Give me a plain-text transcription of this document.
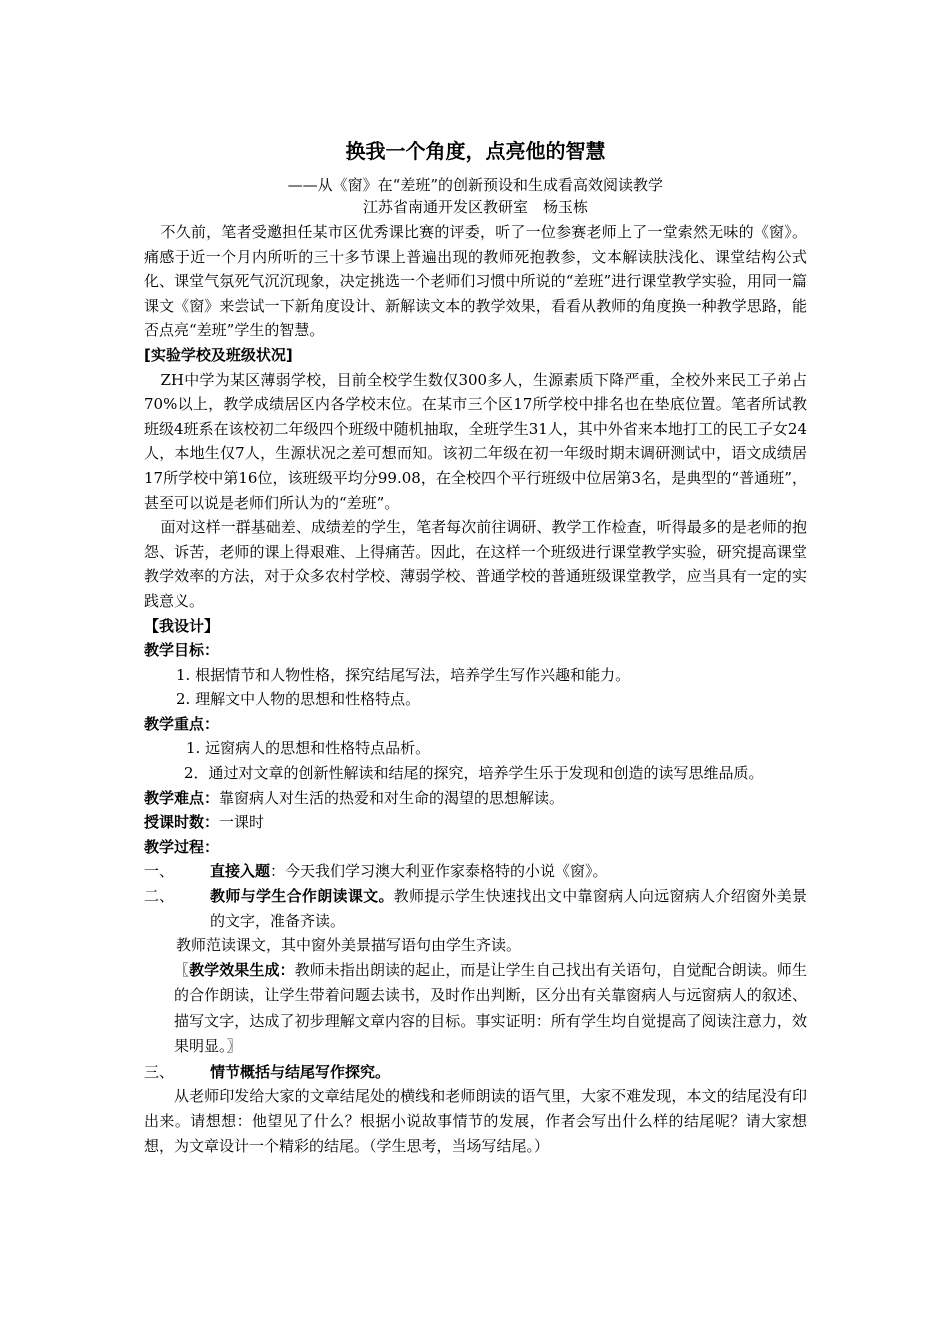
换我一个角度，点亮他的智慧
——从《窗》在“差班”的创新预设和生成看高效阅读教学
江苏省南通开发区教研室　杨玉栋

不久前，笔者受邀担任某市区优秀课比赛的评委，听了一位参赛老师上了一堂索然无味的《窗》。痛感于近一个月内所听的三十多节课上普遍出现的教师死抱教参，文本解读肤浅化、课堂结构公式化、课堂气氛死气沉沉现象，决定挑选一个老师们习惯中所说的“差班”进行课堂教学实验，用同一篇课文《窗》来尝试一下新角度设计、新解读文本的教学效果，看看从教师的角度换一种教学思路，能否点亮“差班”学生的智慧。

[实验学校及班级状况]

ZH中学为某区薄弱学校，目前全校学生数仅300多人，生源素质下降严重，全校外来民工子弟占70%以上，教学成绩居区内各学校末位。在某市三个区17所学校中排名也在垫底位置。笔者所试教班级4班系在该校初二年级四个班级中随机抽取，全班学生31人，其中外省来本地打工的民工子女24人，本地生仅7人，生源状况之差可想而知。该初二年级在初一年级时期末调研测试中，语文成绩居17所学校中第16位，该班级平均分99.08，在全校四个平行班级中位居第3名，是典型的“普通班”，甚至可以说是老师们所认为的“差班”。

面对这样一群基础差、成绩差的学生，笔者每次前往调研、教学工作检查，听得最多的是老师的抱怨、诉苦，老师的课上得艰难、上得痛苦。因此，在这样一个班级进行课堂教学实验，研究提高课堂教学效率的方法，对于众多农村学校、薄弱学校、普通学校的普通班级课堂教学，应当具有一定的实践意义。

【我设计】

教学目标：

1. 根据情节和人物性格，探究结尾写法，培养学生写作兴趣和能力。

2. 理解文中人物的思想和性格特点。

教学重点：

1. 远窗病人的思想和性格特点品析。

2．通过对文章的创新性解读和结尾的探究，培养学生乐于发现和创造的读写思维品质。

教学难点：靠窗病人对生活的热爱和对生命的渴望的思想解读。

授课时数：一课时

教学过程：

一、	直接入题：今天我们学习澳大利亚作家泰格特的小说《窗》。
二、	教师与学生合作朗读课文。教师提示学生快速找出文中靠窗病人向远窗病人介绍窗外美景的文字，准备齐读。

教师范读课文，其中窗外美景描写语句由学生齐读。

〖教学效果生成：教师未指出朗读的起止，而是让学生自己找出有关语句，自觉配合朗读。师生的合作朗读，让学生带着问题去读书，及时作出判断，区分出有关靠窗病人与远窗病人的叙述、描写文字，达成了初步理解文章内容的目标。事实证明：所有学生均自觉提高了阅读注意力，效果明显。〗

三、	情节概括与结尾写作探究。

从老师印发给大家的文章结尾处的横线和老师朗读的语气里，大家不难发现，本文的结尾没有印出来。请想想：他望见了什么？根据小说故事情节的发展，作者会写出什么样的结尾呢？请大家想想，为文章设计一个精彩的结尾。（学生思考，当场写结尾。）
